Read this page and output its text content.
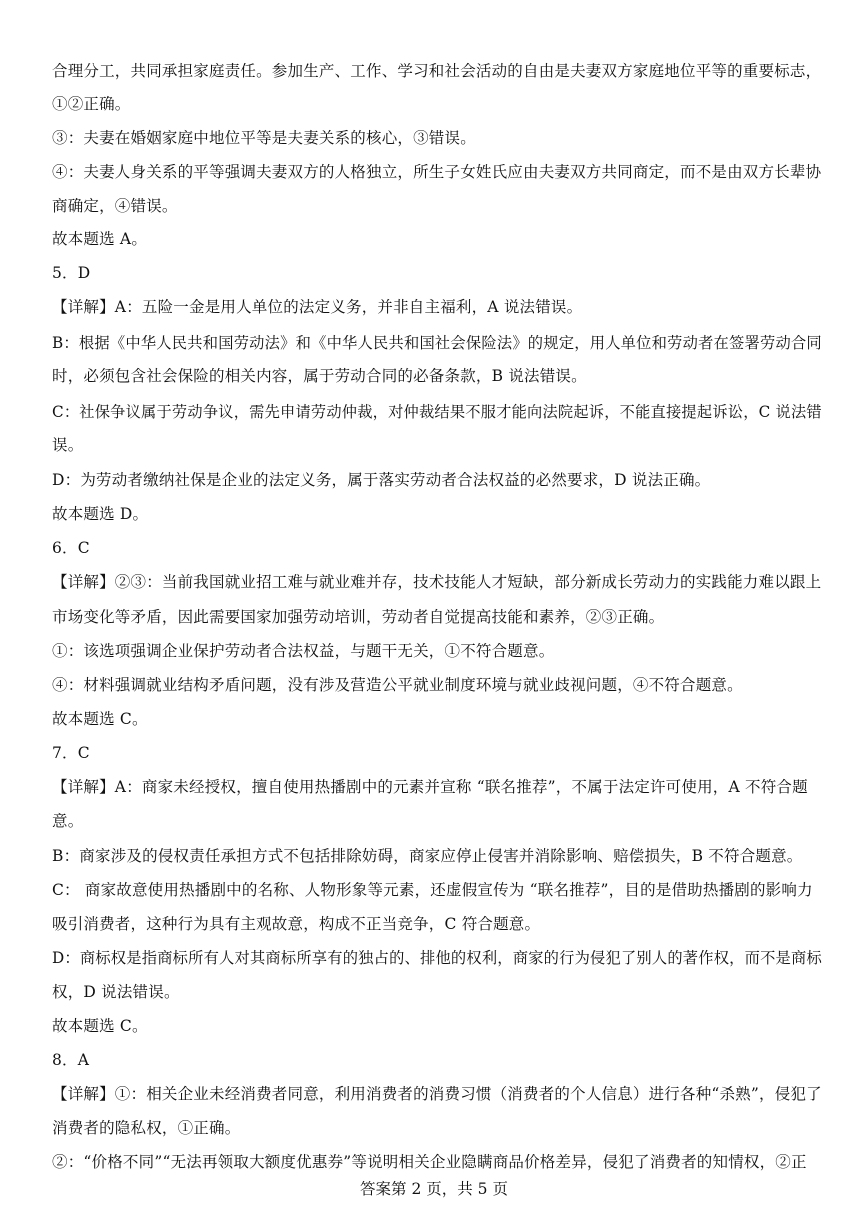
合理分工，共同承担家庭责任。参加生产、工作、学习和社会活动的自由是夫妻双方家庭地位平等的重要标志，
①②正确。
③：夫妻在婚姻家庭中地位平等是夫妻关系的核心，③错误。
④：夫妻人身关系的平等强调夫妻双方的人格独立，所生子女姓氏应由夫妻双方共同商定，而不是由双方长辈协
商确定，④错误。
故本题选 A。
5．D
【详解】A：五险一金是用人单位的法定义务，并非自主福利，A 说法错误。
B：根据《中华人民共和国劳动法》和《中华人民共和国社会保险法》的规定，用人单位和劳动者在签署劳动合同
时，必须包含社会保险的相关内容，属于劳动合同的必备条款，B 说法错误。
C：社保争议属于劳动争议，需先申请劳动仲裁，对仲裁结果不服才能向法院起诉，不能直接提起诉讼，C 说法错
误。
D：为劳动者缴纳社保是企业的法定义务，属于落实劳动者合法权益的必然要求，D 说法正确。
故本题选 D。
6．C
【详解】②③：当前我国就业招工难与就业难并存，技术技能人才短缺，部分新成长劳动力的实践能力难以跟上
市场变化等矛盾，因此需要国家加强劳动培训，劳动者自觉提高技能和素养，②③正确。
①：该选项强调企业保护劳动者合法权益，与题干无关，①不符合题意。
④：材料强调就业结构矛盾问题，没有涉及营造公平就业制度环境与就业歧视问题，④不符合题意。
故本题选 C。
7．C
【详解】A：商家未经授权，擅自使用热播剧中的元素并宣称 “联名推荐”，不属于法定许可使用，A 不符合题
意。
B：商家涉及的侵权责任承担方式不包括排除妨碍，商家应停止侵害并消除影响、赔偿损失，B 不符合题意。
C： 商家故意使用热播剧中的名称、人物形象等元素，还虚假宣传为 “联名推荐”，目的是借助热播剧的影响力
吸引消费者，这种行为具有主观故意，构成不正当竞争，C 符合题意。
D：商标权是指商标所有人对其商标所享有的独占的、排他的权利，商家的行为侵犯了别人的著作权，而不是商标
权，D 说法错误。
故本题选 C。
8．A
【详解】①：相关企业未经消费者同意，利用消费者的消费习惯（消费者的个人信息）进行各种“杀熟”，侵犯了
消费者的隐私权，①正确。
②：“价格不同”“无法再领取大额度优惠券”等说明相关企业隐瞒商品价格差异，侵犯了消费者的知情权，②正
答案第 2 页，共 5 页
